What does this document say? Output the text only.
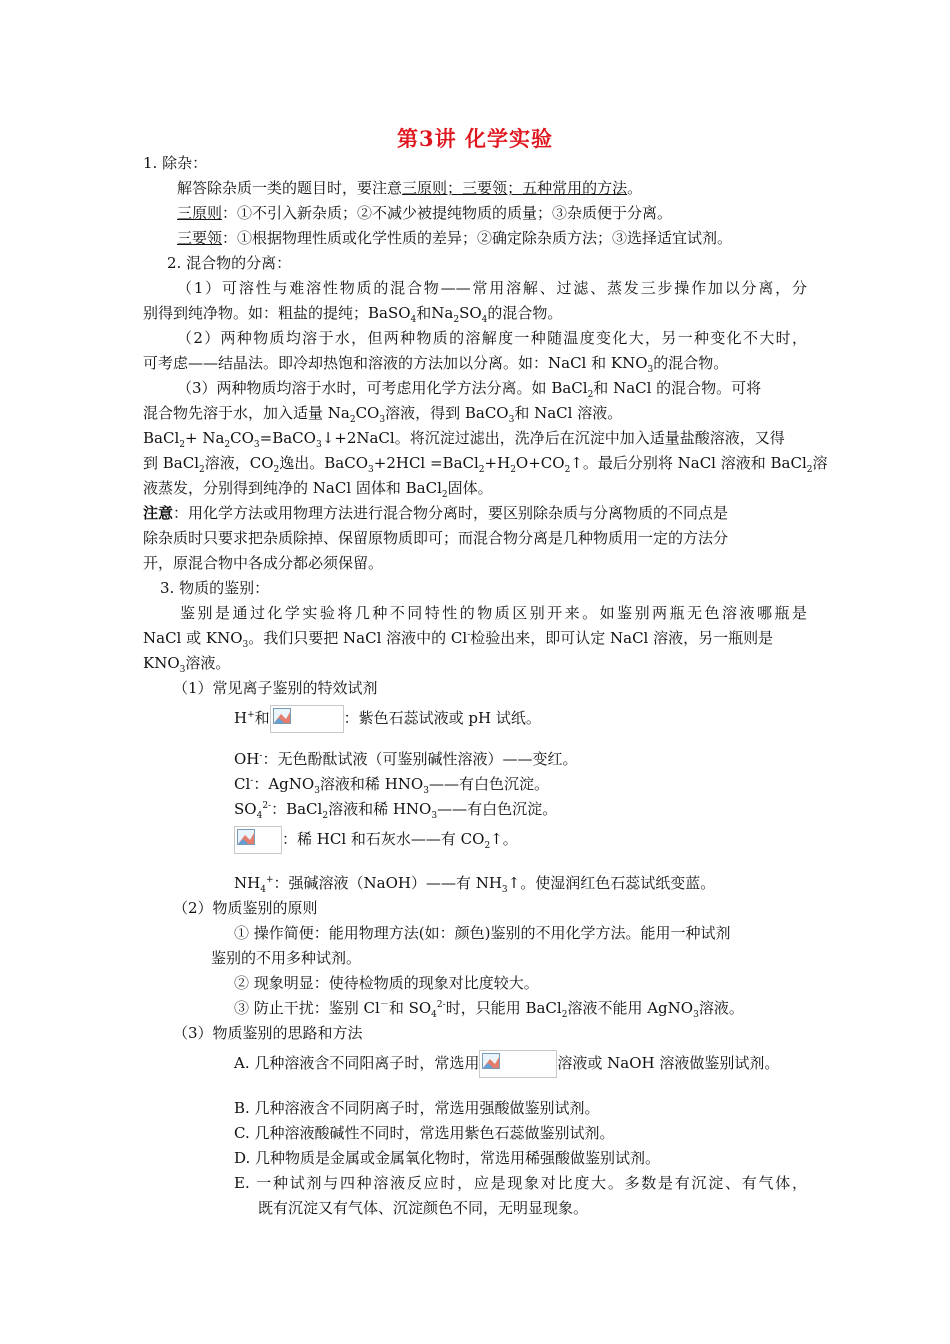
第3讲 化学实验
1. 除杂：
解答除杂质一类的题目时，要注意三原则；三要领；五种常用的方法。
三原则：①不引入新杂质；②不减少被提纯物质的质量；③杂质便于分离。
三要领：①根据物理性质或化学性质的差异；②确定除杂质方法；③选择适宜试剂。
2. 混合物的分离：
（1）可溶性与难溶性物质的混合物——常用溶解、过滤、蒸发三步操作加以分离，分
别得到纯净物。如：粗盐的提纯；BaSO$_4$和$Na_2SO_4$的混合物。
（2）两种物质均溶于水，但两种物质的溶解度一种随温度变化大，另一种变化不大时，
可考虑——结晶法。即冷却热饱和溶液的方法加以分离。如：NaCl 和 $KNO_3$的混合物。
（3）两种物质均溶于水时，可考虑用化学方法分离。如 BaCl$_2$和 NaCl 的混合物。可将
混合物先溶于水，加入适量 $Na_2CO_3$溶液，得到 BaCO$_3$和 NaCl 溶液。
BaCl$_2$+ $Na_2CO_3=BaCO_3↓+2NaCl$。将沉淀过滤出，洗净后在沉淀中加入适量盐酸溶液，又得
到 BaCl$_2$溶液，$CO_2$逸出。BaCO$_3$+2HCl $=BaCl_2+H_2O+CO_2↑$。最后分别将 NaCl 溶液和 BaCl$_2$溶
液蒸发，分别得到纯净的 NaCl 固体和 BaCl$_2$固体。
注意：用化学方法或用物理方法进行混合物分离时，要区别除杂质与分离物质的不同点是
除杂质时只要求把杂质除掉、保留原物质即可；而混合物分离是几种物质用一定的方法分
开，原混合物中各成分都必须保留。
3. 物质的鉴别：
鉴别是通过化学实验将几种不同特性的物质区别开来。如鉴别两瓶无色溶液哪瓶是
NaCl 或 $KNO_3$。我们只要把 NaCl 溶液中的 Cl-检验出来，即可认定 NaCl 溶液，另一瓶则是
$KNO_3$溶液。
（1）常见离子鉴别的特效试剂
H+和	：紫色石蕊试液或 pH 试纸。
OH-：无色酚酞试液（可鉴别碱性溶液）——变红。
Cl-：AgNO$_3$溶液和稀 $HNO_3——$有白色沉淀。
$SO_4^{2-}$：BaCl$_2$溶液和稀 $HNO_3——$有白色沉淀。
：稀 HCl 和石灰水——有 $CO_2↑$。
$NH_4^+$：强碱溶液（NaOH）——有 $NH_3↑$。使湿润红色石蕊试纸变蓝。
（2）物质鉴别的原则
① 操作简便：能用物理方法(如：颜色)鉴别的不用化学方法。能用一种试剂
鉴别的不用多种试剂。
② 现象明显：使待检物质的现象对比度较大。
③ 防止干扰：鉴别 Cl－和 $SO_4^{2-}$时，只能用 BaCl$_2$溶液不能用 AgNO$_3$溶液。
（3）物质鉴别的思路和方法
A. 几种溶液含不同阳离子时，常选用	溶液或 NaOH 溶液做鉴别试剂。
B. 几种溶液含不同阴离子时，常选用强酸做鉴别试剂。
C. 几种溶液酸碱性不同时，常选用紫色石蕊做鉴别试剂。
D. 几种物质是金属或金属氧化物时，常选用稀强酸做鉴别试剂。
E. 一种试剂与四种溶液反应时，应是现象对比度大。多数是有沉淀、有气体，
既有沉淀又有气体、沉淀颜色不同，无明显现象。
